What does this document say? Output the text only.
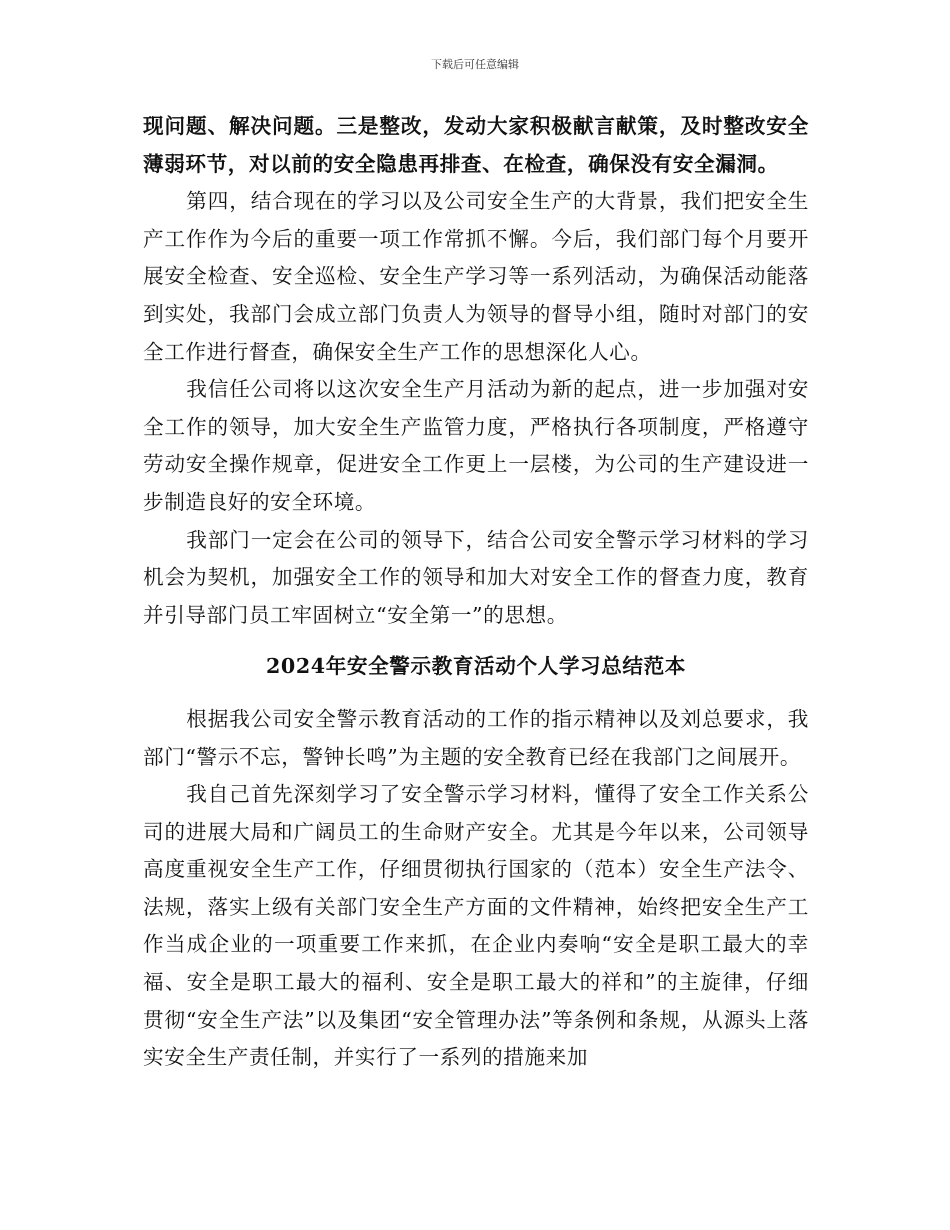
下载后可任意编辑

现问题、解决问题。三是整改，发动大家积极献言献策，及时整改安全薄弱环节，对以前的安全隐患再排查、在检查，确保没有安全漏洞。

第四，结合现在的学习以及公司安全生产的大背景，我们把安全生产工作作为今后的重要一项工作常抓不懈。今后，我们部门每个月要开展安全检查、安全巡检、安全生产学习等一系列活动，为确保活动能落到实处，我部门会成立部门负责人为领导的督导小组，随时对部门的安全工作进行督查，确保安全生产工作的思想深化人心。

我信任公司将以这次安全生产月活动为新的起点，进一步加强对安全工作的领导，加大安全生产监管力度，严格执行各项制度，严格遵守劳动安全操作规章，促进安全工作更上一层楼，为公司的生产建设进一步制造良好的安全环境。

我部门一定会在公司的领导下，结合公司安全警示学习材料的学习机会为契机，加强安全工作的领导和加大对安全工作的督查力度，教育并引导部门员工牢固树立“安全第一”的思想。

2024年安全警示教育活动个人学习总结范本

根据我公司安全警示教育活动的工作的指示精神以及刘总要求，我部门“警示不忘，警钟长鸣”为主题的安全教育已经在我部门之间展开。

我自己首先深刻学习了安全警示学习材料，懂得了安全工作关系公司的进展大局和广阔员工的生命财产安全。尤其是今年以来，公司领导高度重视安全生产工作，仔细贯彻执行国家的（范本）安全生产法令、法规，落实上级有关部门安全生产方面的文件精神，始终把安全生产工作当成企业的一项重要工作来抓，在企业内奏响“安全是职工最大的幸福、安全是职工最大的福利、安全是职工最大的祥和”的主旋律，仔细贯彻“安全生产法”以及集团“安全管理办法”等条例和条规，从源头上落实安全生产责任制，并实行了一系列的措施来加
